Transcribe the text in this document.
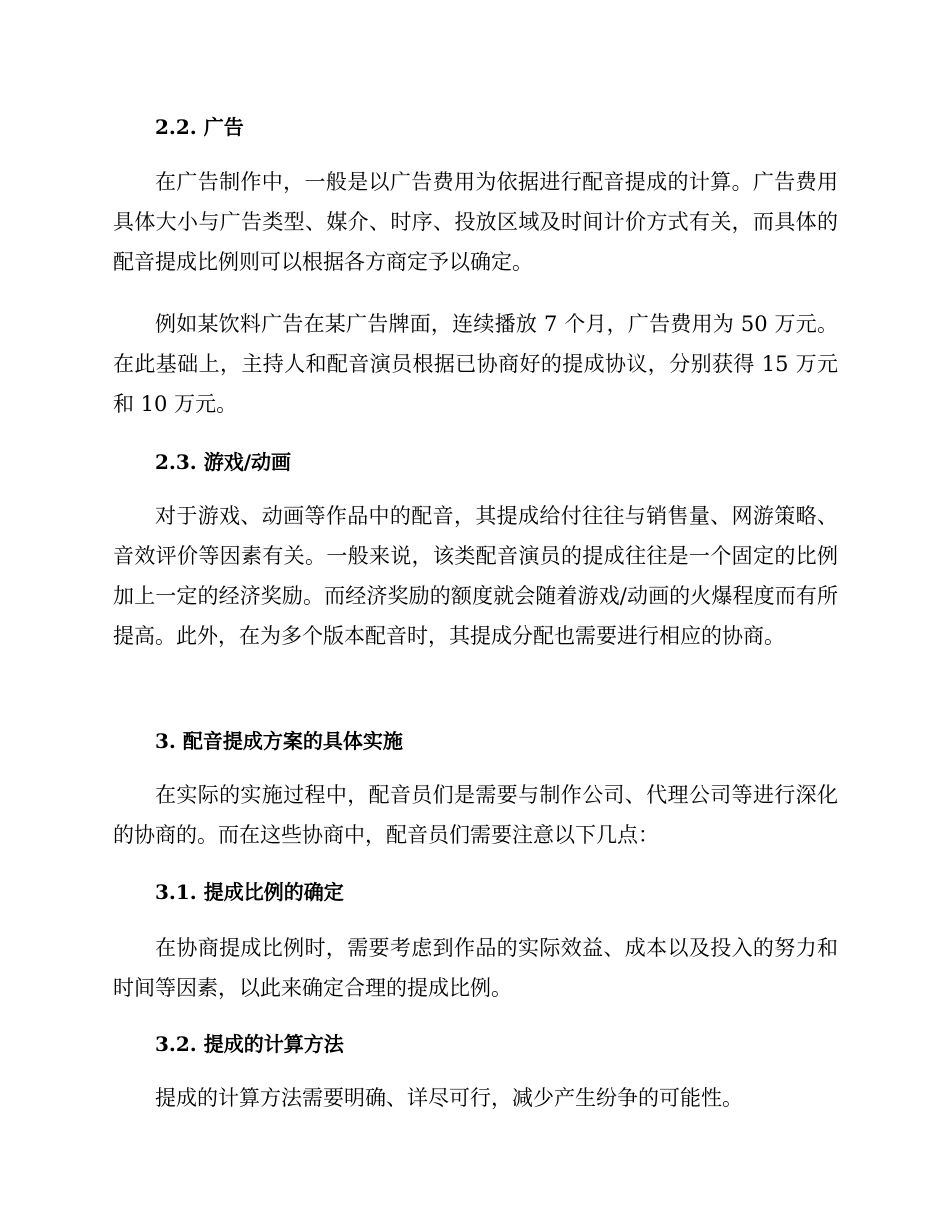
2.2. 广告

在广告制作中，一般是以广告费用为依据进行配音提成的计算。广告费用具体大小与广告类型、媒介、时序、投放区域及时间计价方式有关，而具体的配音提成比例则可以根据各方商定予以确定。

例如某饮料广告在某广告牌面，连续播放 7 个月，广告费用为 50 万元。在此基础上，主持人和配音演员根据已协商好的提成协议，分别获得 15 万元和 10 万元。

2.3. 游戏/动画

对于游戏、动画等作品中的配音，其提成给付往往与销售量、网游策略、音效评价等因素有关。一般来说，该类配音演员的提成往往是一个固定的比例加上一定的经济奖励。而经济奖励的额度就会随着游戏/动画的火爆程度而有所提高。此外，在为多个版本配音时，其提成分配也需要进行相应的协商。

3. 配音提成方案的具体实施

在实际的实施过程中，配音员们是需要与制作公司、代理公司等进行深化的协商的。而在这些协商中，配音员们需要注意以下几点：

3.1. 提成比例的确定

在协商提成比例时，需要考虑到作品的实际效益、成本以及投入的努力和时间等因素，以此来确定合理的提成比例。

3.2. 提成的计算方法

提成的计算方法需要明确、详尽可行，减少产生纷争的可能性。
